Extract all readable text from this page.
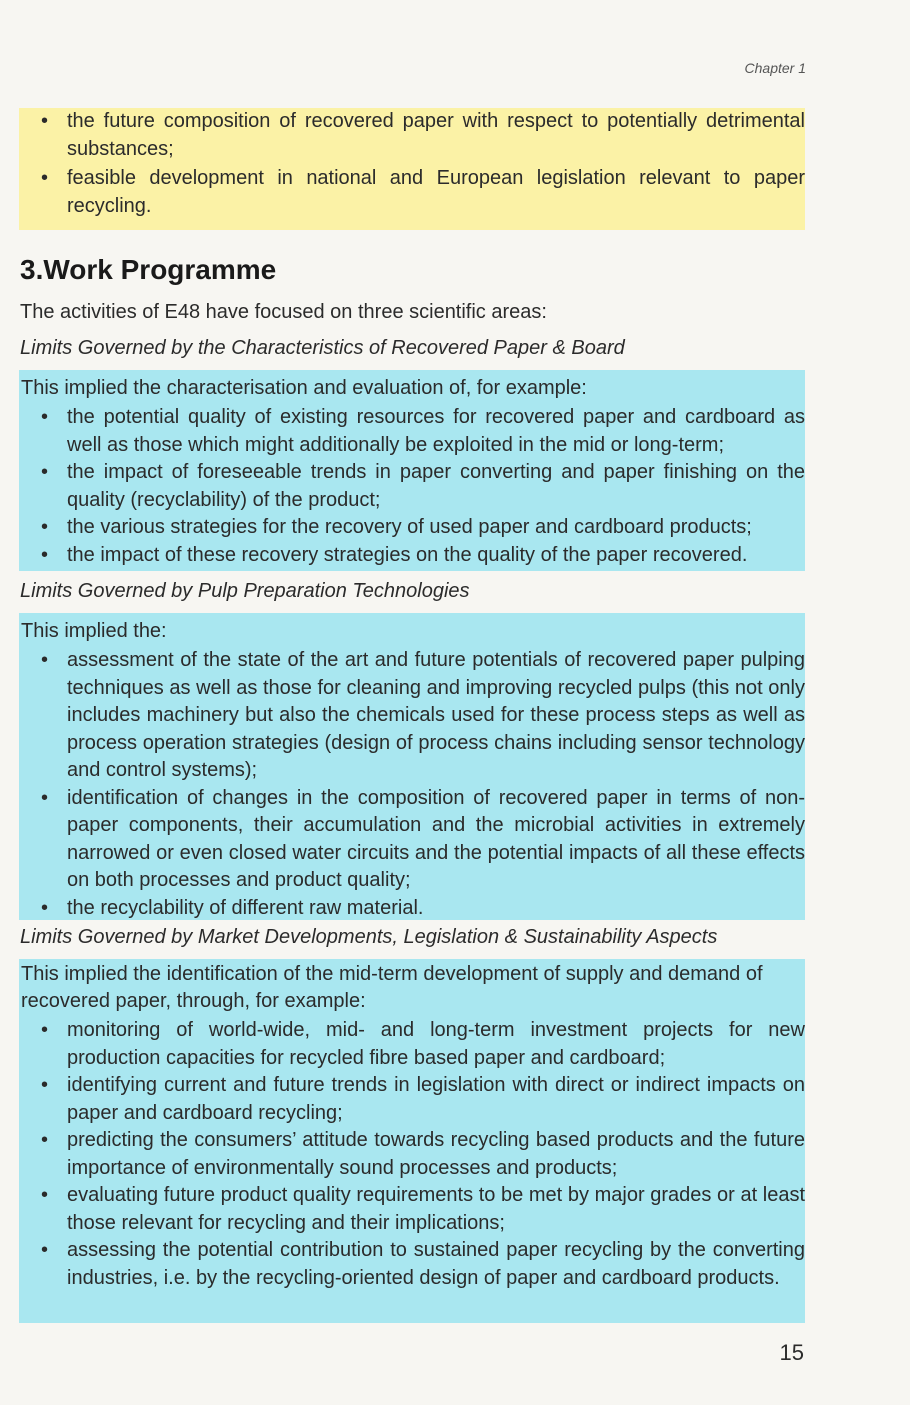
Chapter 1
• the future composition of recovered paper with respect to potentially detrimental substances;
• feasible development in national and European legislation relevant to paper recycling.
3.Work Programme
The activities of E48 have focused on three scientific areas:
Limits Governed by the Characteristics of Recovered Paper & Board
This implied the characterisation and evaluation of, for example:
• the potential quality of existing resources for recovered paper and cardboard as well as those which might additionally be exploited in the mid or long-term;
• the impact of foreseeable trends in paper converting and paper finishing on the quality (recyclability) of the product;
• the various strategies for the recovery of used paper and cardboard products;
• the impact of these recovery strategies on the quality of the paper recovered.
Limits Governed by Pulp Preparation Technologies
This implied the:
• assessment of the state of the art and future potentials of recovered paper pulping techniques as well as those for cleaning and improving recycled pulps (this not only includes machinery but also the chemicals used for these process steps as well as process operation strategies (design of process chains including sensor technology and control systems);
• identification of changes in the composition of recovered paper in terms of non-paper components, their accumulation and the microbial activities in extremely narrowed or even closed water circuits and the potential impacts of all these effects on both processes and product quality;
• the recyclability of different raw material.
Limits Governed by Market Developments, Legislation & Sustainability Aspects
This implied the identification of the mid-term development of supply and demand of recovered paper, through, for example:
• monitoring of world-wide, mid- and long-term investment projects for new production capacities for recycled fibre based paper and cardboard;
• identifying current and future trends in legislation with direct or indirect impacts on paper and cardboard recycling;
• predicting the consumers’ attitude towards recycling based products and the future importance of environmentally sound processes and products;
• evaluating future product quality requirements to be met by major grades or at least those relevant for recycling and their implications;
• assessing the potential contribution to sustained paper recycling by the converting industries, i.e. by the recycling-oriented design of paper and cardboard products.
15
